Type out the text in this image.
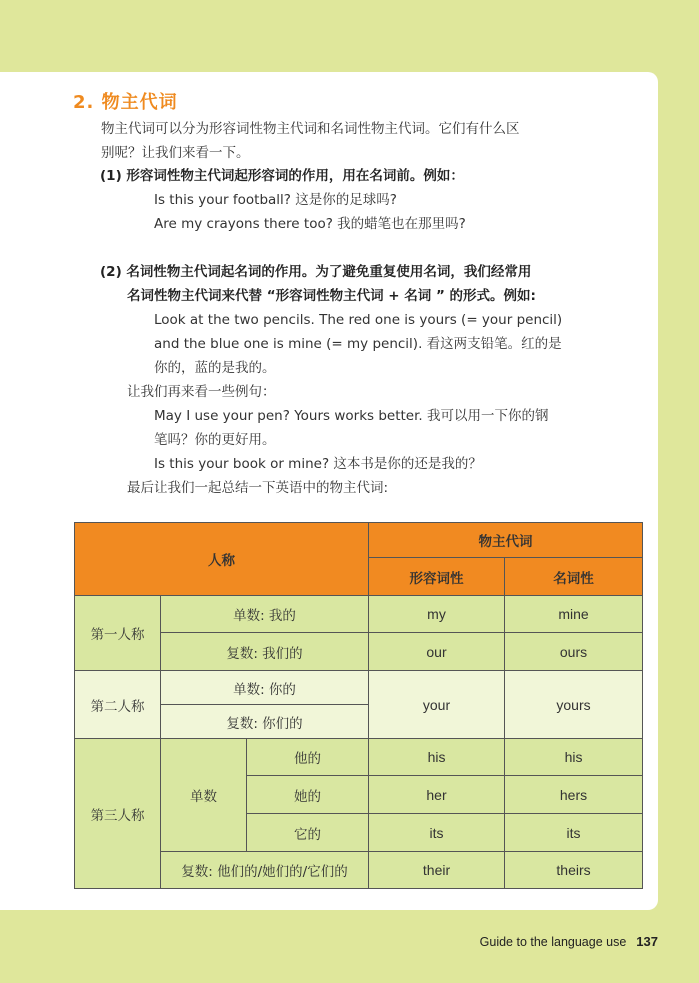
2. 物主代词
物主代词可以分为形容词性物主代词和名词性物主代词。它们有什么区
别呢？让我们来看一下。
(1) 形容词性物主代词起形容词的作用，用在名词前。例如：
Is this your football? 这是你的足球吗?
Are my crayons there too? 我的蜡笔也在那里吗?
(2) 名词性物主代词起名词的作用。为了避免重复使用名词，我们经常用
名词性物主代词来代替 “形容词性物主代词 + 名词 ” 的形式。例如:
Look at the two pencils. The red one is yours (= your pencil)
and the blue one is mine (= my pencil). 看这两支铅笔。红的是
你的，蓝的是我的。
让我们再来看一些例句：
May I use your pen? Yours works better. 我可以用一下你的钢
笔吗？你的更好用。
Is this your book or mine? 这本书是你的还是我的？
最后让我们一起总结一下英语中的物主代词:
人称			物主代词	
			形容词性	名词性
第一人称	单数: 我的		my	mine
	复数: 我们的		our	ours
第二人称	单数: 你的		your	yours
	复数: 你们的			
第三人称	单数	他的	his	his
		她的	her	hers
		它的	its	its
	复数: 他们的/她们的/它们的		their	theirs
Guide to the language use 137
